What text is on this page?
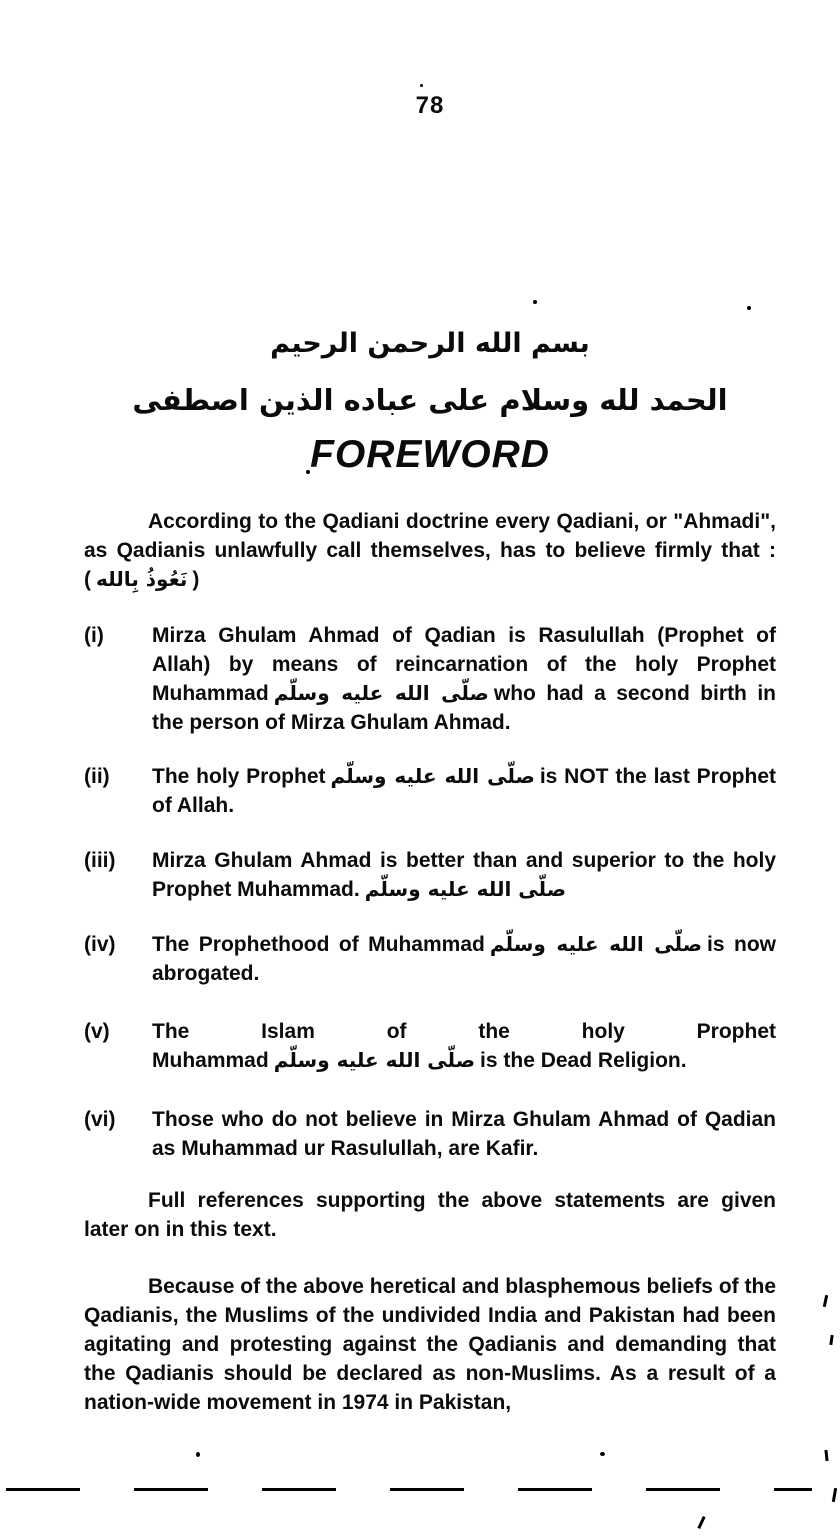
78
بسم الله الرحمن الرحيم
الحمد لله وسلام على عباده الذين اصطفى
FOREWORD

According to the Qadiani doctrine every Qadiani, or "Ahmadi", as Qadianis unlawfully call themselves, has to believe firmly that : ( نَعُوذُ بِالله )

(i) Mirza Ghulam Ahmad of Qadian is Rasulullah (Prophet of Allah) by means of reincarnation of the holy Prophet Muhammad صلّى الله عليه وسلّم who had a second birth in the person of Mirza Ghulam Ahmad.
(ii) The holy Prophet صلّى الله عليه وسلّم is NOT the last Prophet of Allah.
(iii) Mirza Ghulam Ahmad is better than and superior to the holy Prophet Muhammad. صلّى الله عليه وسلّم
(iv) The Prophethood of Muhammad صلّى الله عليه وسلّم is now abrogated.
(v) The Islam of the holy Prophet Muhammad صلّى الله عليه وسلّم is the Dead Religion.
(vi) Those who do not believe in Mirza Ghulam Ahmad of Qadian as Muhammad ur Rasulullah, are Kafir.

Full references supporting the above statements are given later on in this text.

Because of the above heretical and blasphemous beliefs of the Qadianis, the Muslims of the undivided India and Pakistan had been agitating and protesting against the Qadianis and demanding that the Qadianis should be declared as non-Muslims. As a result of a nation-wide movement in 1974 in Pakistan,
